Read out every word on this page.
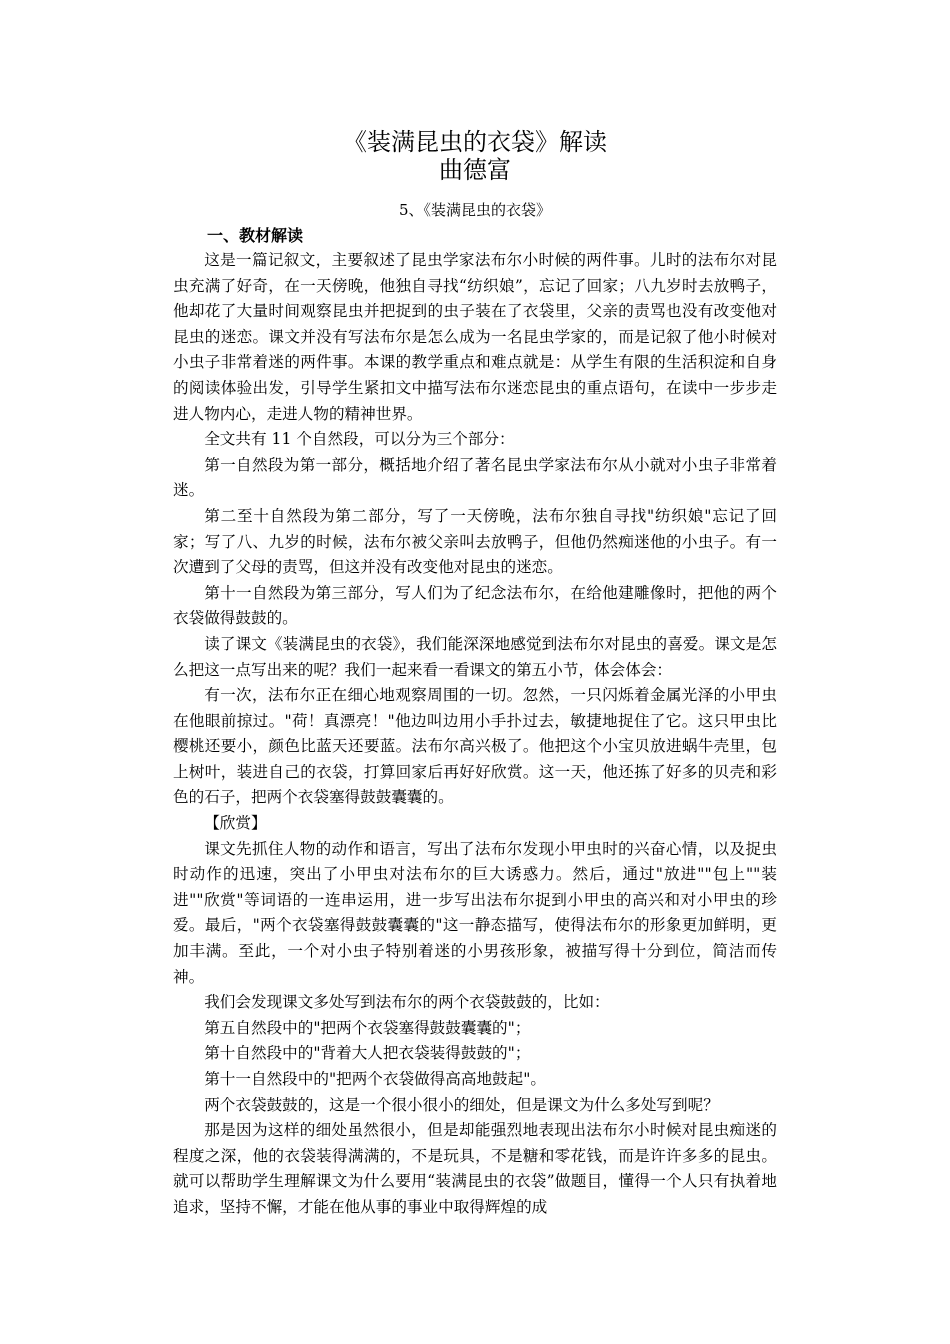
《装满昆虫的衣袋》解读
曲德富
5、《装满昆虫的衣袋》
一、教材解读

这是一篇记叙文，主要叙述了昆虫学家法布尔小时候的两件事。儿时的法布尔对昆虫充满了好奇，在一天傍晚，他独自寻找“纺织娘”，忘记了回家；八九岁时去放鸭子，他却花了大量时间观察昆虫并把捉到的虫子装在了衣袋里，父亲的责骂也没有改变他对昆虫的迷恋。课文并没有写法布尔是怎么成为一名昆虫学家的，而是记叙了他小时候对小虫子非常着迷的两件事。本课的教学重点和难点就是：从学生有限的生活积淀和自身的阅读体验出发，引导学生紧扣文中描写法布尔迷恋昆虫的重点语句，在读中一步步走进人物内心，走进人物的精神世界。

全文共有 11 个自然段，可以分为三个部分：

第一自然段为第一部分，概括地介绍了著名昆虫学家法布尔从小就对小虫子非常着迷。

第二至十自然段为第二部分，写了一天傍晚，法布尔独自寻找"纺织娘"忘记了回家；写了八、九岁的时候，法布尔被父亲叫去放鸭子，但他仍然痴迷他的小虫子。有一次遭到了父母的责骂，但这并没有改变他对昆虫的迷恋。

第十一自然段为第三部分，写人们为了纪念法布尔，在给他建雕像时，把他的两个衣袋做得鼓鼓的。

读了课文《装满昆虫的衣袋》，我们能深深地感觉到法布尔对昆虫的喜爱。课文是怎么把这一点写出来的呢？我们一起来看一看课文的第五小节，体会体会：

有一次，法布尔正在细心地观察周围的一切。忽然，一只闪烁着金属光泽的小甲虫在他眼前掠过。"荷！真漂亮！"他边叫边用小手扑过去，敏捷地捉住了它。这只甲虫比樱桃还要小，颜色比蓝天还要蓝。法布尔高兴极了。他把这个小宝贝放进蜗牛壳里，包上树叶，装进自己的衣袋，打算回家后再好好欣赏。这一天，他还拣了好多的贝壳和彩色的石子，把两个衣袋塞得鼓鼓囊囊的。

【欣赏】

课文先抓住人物的动作和语言，写出了法布尔发现小甲虫时的兴奋心情，以及捉虫时动作的迅速，突出了小甲虫对法布尔的巨大诱惑力。然后，通过"放进""包上""装进""欣赏"等词语的一连串运用，进一步写出法布尔捉到小甲虫的高兴和对小甲虫的珍爱。最后，"两个衣袋塞得鼓鼓囊囊的"这一静态描写，使得法布尔的形象更加鲜明，更加丰满。至此，一个对小虫子特别着迷的小男孩形象，被描写得十分到位，简洁而传神。

我们会发现课文多处写到法布尔的两个衣袋鼓鼓的，比如：

第五自然段中的"把两个衣袋塞得鼓鼓囊囊的"；

第十自然段中的"背着大人把衣袋装得鼓鼓的"；

第十一自然段中的"把两个衣袋做得高高地鼓起"。

两个衣袋鼓鼓的，这是一个很小很小的细处，但是课文为什么多处写到呢？

那是因为这样的细处虽然很小，但是却能强烈地表现出法布尔小时候对昆虫痴迷的程度之深，他的衣袋装得满满的，不是玩具，不是糖和零花钱，而是许许多多的昆虫。就可以帮助学生理解课文为什么要用“装满昆虫的衣袋”做题目，懂得一个人只有执着地追求，坚持不懈，才能在他从事的事业中取得辉煌的成
